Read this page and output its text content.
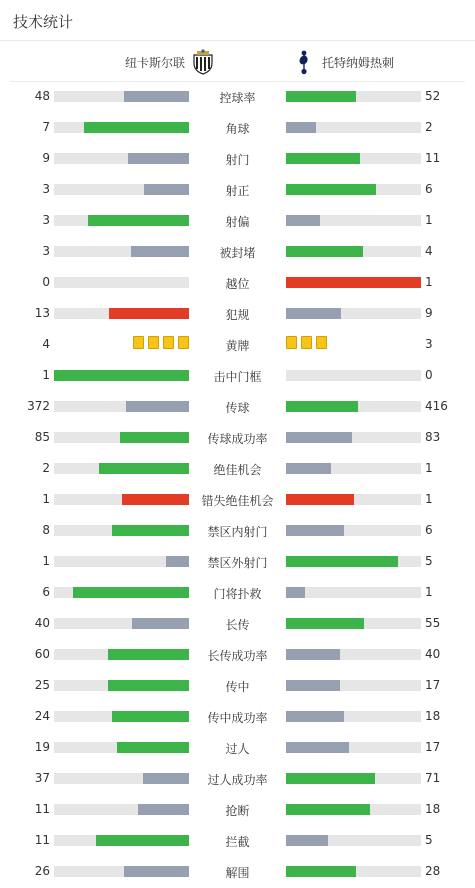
技术统计
纽卡斯尔联	托特纳姆热刺
48	控球率	52
7	角球	2
9	射门	11
3	射正	6
3	射偏	1
3	被封堵	4
0	越位	1
13	犯规	9
4	黄牌	3
1	击中门框	0
372	传球	416
85	传球成功率	83
2	绝佳机会	1
1	错失绝佳机会	1
8	禁区内射门	6
1	禁区外射门	5
6	门将扑救	1
40	长传	55
60	长传成功率	40
25	传中	17
24	传中成功率	18
19	过人	17
37	过人成功率	71
11	抢断	18
11	拦截	5
26	解围	28
